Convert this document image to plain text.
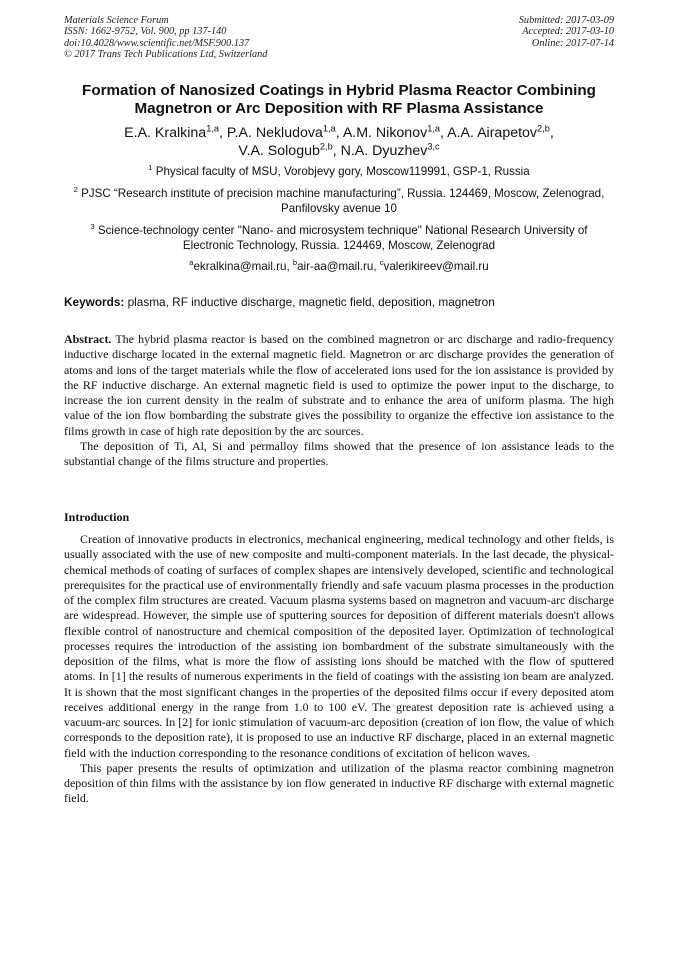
Materials Science Forum
ISSN: 1662-9752, Vol. 900, pp 137-140
doi:10.4028/www.scientific.net/MSF.900.137
© 2017 Trans Tech Publications Ltd, Switzerland
Submitted: 2017-03-09
Accepted: 2017-03-10
Online: 2017-07-14
Formation of Nanosized Coatings in Hybrid Plasma Reactor Combining
Magnetron or Arc Deposition with RF Plasma Assistance
E.A. Kralkina$^{1,a}$, P.A. Nekludova$^{1,a}$, A.M. Nikonov$^{1,a}$, A.A. Airapetov$^{2,b}$,
V.A. Sologub$^{2,b}$, N.A. Dyuzhev$^{3,c}$
$^1$ Physical faculty of MSU, Vorobjevy gory, Moscow119991, GSP-1, Russia
$^2$ PJSC “Research institute of precision machine manufacturing”, Russia. 124469, Moscow, Zelenograd, Panfilovsky avenue 10
$^3$ Science-technology center "Nano- and microsystem technique" National Research University of Electronic Technology, Russia. 124469, Moscow, Zelenograd
$^a$ekralkina@mail.ru, $^b$air-aa@mail.ru, $^c$valerikireev@mail.ru
Keywords: plasma, RF inductive discharge, magnetic field, deposition, magnetron

Abstract. The hybrid plasma reactor is based on the combined magnetron or arc discharge and radio-frequency inductive discharge located in the external magnetic field. Magnetron or arc discharge provides the generation of atoms and ions of the target materials while the flow of accelerated ions used for the ion assistance is provided by the RF inductive discharge. An external magnetic field is used to optimize the power input to the discharge, to increase the ion current density in the realm of substrate and to enhance the area of uniform plasma. The high value of the ion flow bombarding the substrate gives the possibility to organize the effective ion assistance to the films growth in case of high rate deposition by the arc sources.

The deposition of Ti, Al, Si and permalloy films showed that the presence of ion assistance leads to the substantial change of the films structure and properties.

Introduction

Creation of innovative products in electronics, mechanical engineering, medical technology and other fields, is usually associated with the use of new composite and multi-component materials. In the last decade, the physical-chemical methods of coating of surfaces of complex shapes are intensively developed, scientific and technological prerequisites for the practical use of environmentally friendly and safe vacuum plasma processes in the production of the complex film structures are created. Vacuum plasma systems based on magnetron and vacuum-arc discharge are widespread. However, the simple use of sputtering sources for deposition of different materials doesn't allows flexible control of nanostructure and chemical composition of the deposited layer. Optimization of technological processes requires the introduction of the assisting ion bombardment of the substrate simultaneously with the deposition of the films, what is more the flow of assisting ions should be matched with the flow of sputtered atoms. In [1] the results of numerous experiments in the field of coatings with the assisting ion beam are analyzed. It is shown that the most significant changes in the properties of the deposited films occur if every deposited atom receives additional energy in the range from 1.0 to 100 eV. The greatest deposition rate is achieved using a vacuum-arc sources. In [2] for ionic stimulation of vacuum-arc deposition (creation of ion flow, the value of which corresponds to the deposition rate), it is proposed to use an inductive RF discharge, placed in an external magnetic field with the induction corresponding to the resonance conditions of excitation of helicon waves.

This paper presents the results of optimization and utilization of the plasma reactor combining magnetron deposition of thin films with the assistance by ion flow generated in inductive RF discharge with external magnetic field.
